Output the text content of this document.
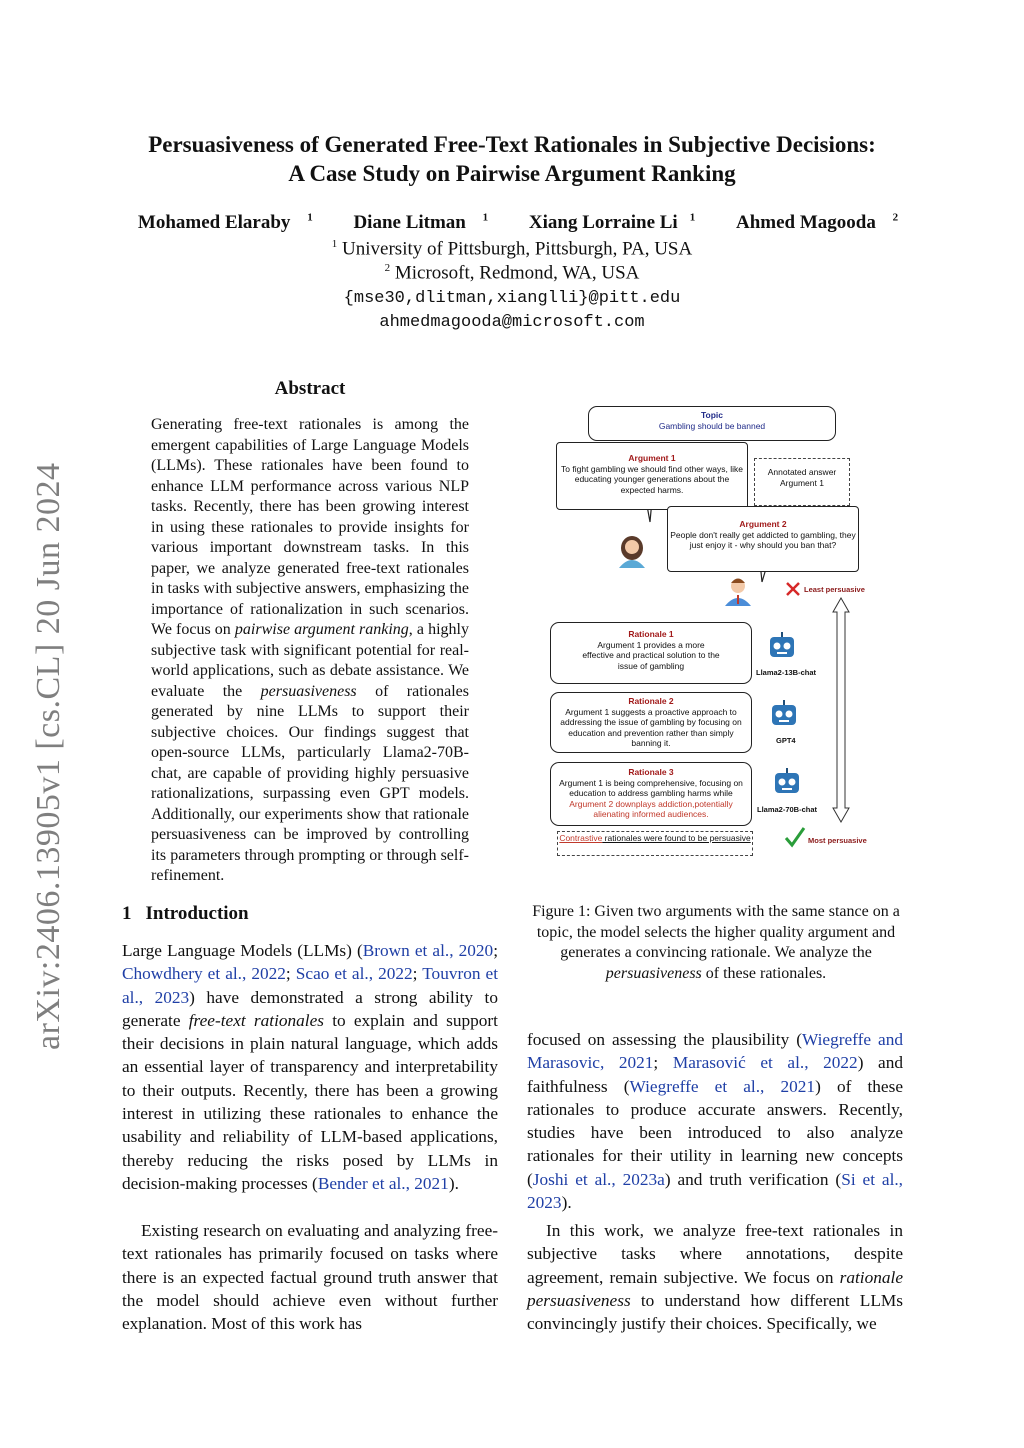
arXiv:2406.13905v1 [cs.CL] 20 Jun 2024
Persuasiveness of Generated Free-Text Rationales in Subjective Decisions:
A Case Study on Pairwise Argument Ranking
Mohamed Elaraby $^1$ Diane Litman $^1$ Xiang Lorraine Li $^1$ Ahmed Magooda $^2$
$^1$ University of Pittsburgh, Pittsburgh, PA, USA
$^2$ Microsoft, Redmond, WA, USA
{mse30,dlitman,xianglli}@pitt.edu
ahmedmagooda@microsoft.com
Abstract
Generating free-text rationales is among the emergent capabilities of Large Language Models (LLMs). These rationales have been found to enhance LLM performance across various NLP tasks. Recently, there has been growing interest in using these rationales to provide insights for various important downstream tasks. In this paper, we analyze generated free-text rationales in tasks with subjective answers, emphasizing the importance of rationalization in such scenarios. We focus on pairwise argument ranking, a highly subjective task with significant potential for real-world applications, such as debate assistance. We evaluate the persuasiveness of rationales generated by nine LLMs to support their subjective choices. Our findings suggest that open-source LLMs, particularly Llama2-70B-chat, are capable of providing highly persuasive rationalizations, surpassing even GPT models. Additionally, our experiments show that rationale persuasiveness can be improved by controlling its parameters through prompting or through self-refinement.
1 Introduction
Large Language Models (LLMs) (Brown et al., 2020; Chowdhery et al., 2022; Scao et al., 2022; Touvron et al., 2023) have demonstrated a strong ability to generate free-text rationales to explain and support their decisions in plain natural language, which adds an essential layer of transparency and interpretability to their outputs. Recently, there has been a growing interest in utilizing these rationales to enhance the usability and reliability of LLM-based applications, thereby reducing the risks posed by LLMs in decision-making processes (Bender et al., 2021).
Existing research on evaluating and analyzing free-text rationales has primarily focused on tasks where there is an expected factual ground truth answer that the model should achieve even without further explanation. Most of this work has
Figure 1: Given two arguments with the same stance on a topic, the model selects the higher quality argument and generates a convincing rationale. We analyze the persuasiveness of these rationales.
focused on assessing the plausibility (Wiegreffe and Marasovic, 2021; Marasović et al., 2022) and faithfulness (Wiegreffe et al., 2021) of these rationales to produce accurate answers. Recently, studies have been introduced to also analyze rationales for their utility in learning new concepts (Joshi et al., 2023a) and truth verification (Si et al., 2023).
In this work, we analyze free-text rationales in subjective tasks where annotations, despite agreement, remain subjective. We focus on rationale persuasiveness to understand how different LLMs convincingly justify their choices. Specifically, we
Topic
Gambling should be banned
Argument 1
To fight gambling we should find other ways, like educating younger generations about the expected harms.
Annotated answer Argument 1
Argument 2
People don't really get addicted to gambling, they just enjoy it - why should you ban that?
Least persuasive
Rationale 1
Argument 1 provides a more effective and practical solution to the issue of gambling
Llama2-13B-chat
Rationale 2
Argument 1 suggests a proactive approach to addressing the issue of gambling by focusing on education and prevention rather than simply banning it.	GPT4
Rationale 3
Argument 1 is being comprehensive, focusing on education to address gambling harms while
Argument 2 downplays addiction,potentially alienating informed audiences.	Llama2-70B-chat
Contrastive rationales were found to be persuasive	Most persuasive
